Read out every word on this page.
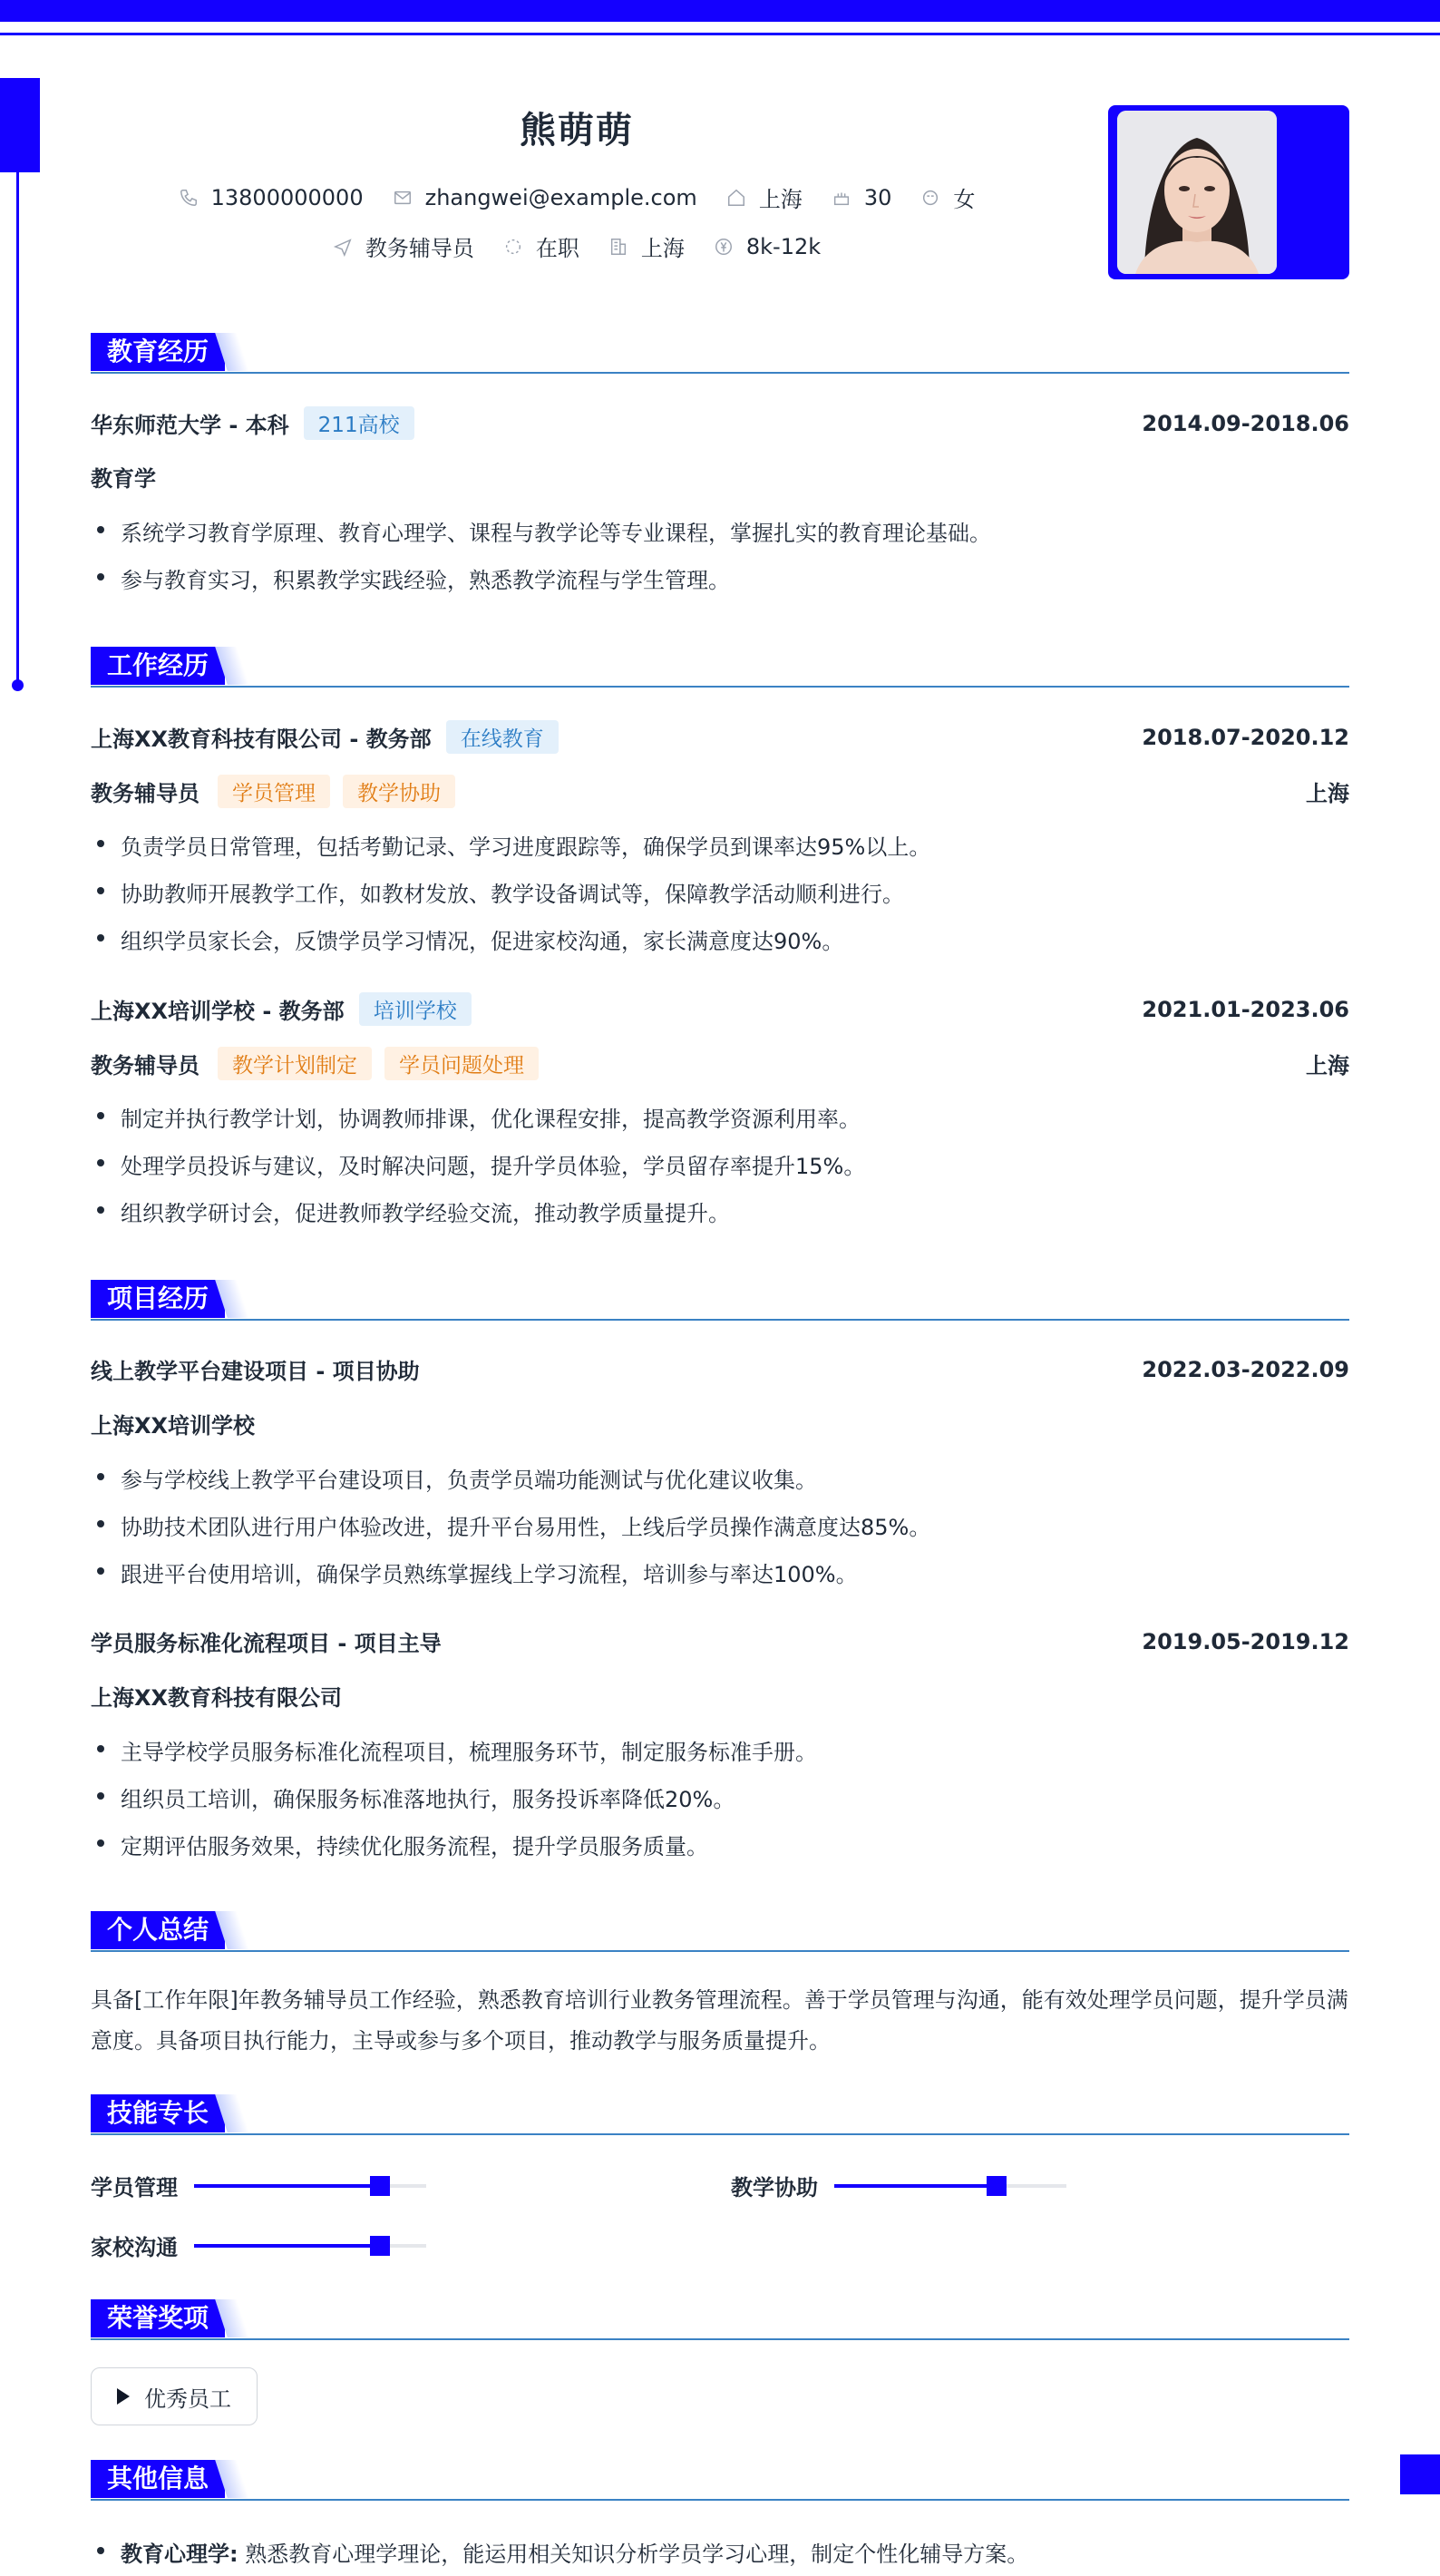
熊萌萌
13800000000	zhangwei@example.com	上海	30	女
教务辅导员	在职	上海	8k-12k
教育经历
华东师范大学 - 本科	211高校	2014.09-2018.06
教育学
系统学习教育学原理、教育心理学、课程与教学论等专业课程，掌握扎实的教育理论基础。
参与教育实习，积累教学实践经验，熟悉教学流程与学生管理。
工作经历
上海XX教育科技有限公司 - 教务部	在线教育	2018.07-2020.12
教务辅导员	学员管理	教学协助	上海
负责学员日常管理，包括考勤记录、学习进度跟踪等，确保学员到课率达95%以上。
协助教师开展教学工作，如教材发放、教学设备调试等，保障教学活动顺利进行。
组织学员家长会，反馈学员学习情况，促进家校沟通，家长满意度达90%。
上海XX培训学校 - 教务部	培训学校	2021.01-2023.06
教务辅导员	教学计划制定	学员问题处理	上海
制定并执行教学计划，协调教师排课，优化课程安排，提高教学资源利用率。
处理学员投诉与建议，及时解决问题，提升学员体验，学员留存率提升15%。
组织教学研讨会，促进教师教学经验交流，推动教学质量提升。
项目经历
线上教学平台建设项目 - 项目协助	2022.03-2022.09
上海XX培训学校
参与学校线上教学平台建设项目，负责学员端功能测试与优化建议收集。
协助技术团队进行用户体验改进，提升平台易用性，上线后学员操作满意度达85%。
跟进平台使用培训，确保学员熟练掌握线上学习流程，培训参与率达100%。
学员服务标准化流程项目 - 项目主导	2019.05-2019.12
上海XX教育科技有限公司
主导学校学员服务标准化流程项目，梳理服务环节，制定服务标准手册。
组织员工培训，确保服务标准落地执行，服务投诉率降低20%。
定期评估服务效果，持续优化服务流程，提升学员服务质量。
个人总结
具备[工作年限]年教务辅导员工作经验，熟悉教育培训行业教务管理流程。善于学员管理与沟通，能有效处理学员问题，提升学员满意度。具备项目执行能力，主导或参与多个项目，推动教学与服务质量提升。
技能专长
学员管理	教学协助
家校沟通
荣誉奖项
优秀员工
其他信息
教育心理学: 熟悉教育心理学理论，能运用相关知识分析学员学习心理，制定个性化辅导方案。
